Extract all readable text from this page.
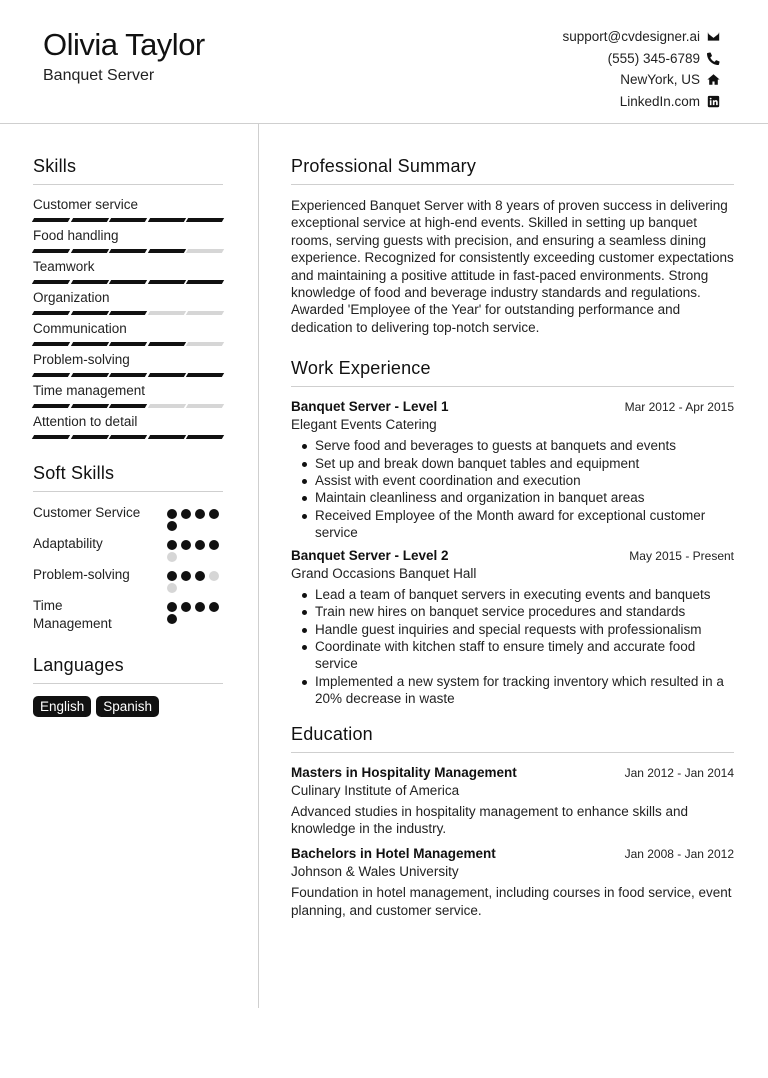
Olivia Taylor
Banquet Server
support@cvdesigner.ai
(555) 345-6789
NewYork, US
LinkedIn.com
Skills
Customer service
Food handling
Teamwork
Organization
Communication
Problem-solving
Time management
Attention to detail
Soft Skills
Customer Service
Adaptability
Problem-solving
Time Management
Languages
English	Spanish
Professional Summary
Experienced Banquet Server with 8 years of proven success in delivering exceptional service at high-end events. Skilled in setting up banquet rooms, serving guests with precision, and ensuring a seamless dining experience. Recognized for consistently exceeding customer expectations and maintaining a positive attitude in fast-paced environments. Strong knowledge of food and beverage industry standards and regulations. Awarded 'Employee of the Year' for outstanding performance and dedication to delivering top-notch service.
Work Experience
Banquet Server - Level 1	Mar 2012 - Apr 2015
Elegant Events Catering
Serve food and beverages to guests at banquets and events
Set up and break down banquet tables and equipment
Assist with event coordination and execution
Maintain cleanliness and organization in banquet areas
Received Employee of the Month award for exceptional customer service
Banquet Server - Level 2	May 2015 - Present
Grand Occasions Banquet Hall
Lead a team of banquet servers in executing events and banquets
Train new hires on banquet service procedures and standards
Handle guest inquiries and special requests with professionalism
Coordinate with kitchen staff to ensure timely and accurate food service
Implemented a new system for tracking inventory which resulted in a 20% decrease in waste
Education
Masters in Hospitality Management	Jan 2012 - Jan 2014
Culinary Institute of America
Advanced studies in hospitality management to enhance skills and knowledge in the industry.
Bachelors in Hotel Management	Jan 2008 - Jan 2012
Johnson & Wales University
Foundation in hotel management, including courses in food service, event planning, and customer service.
